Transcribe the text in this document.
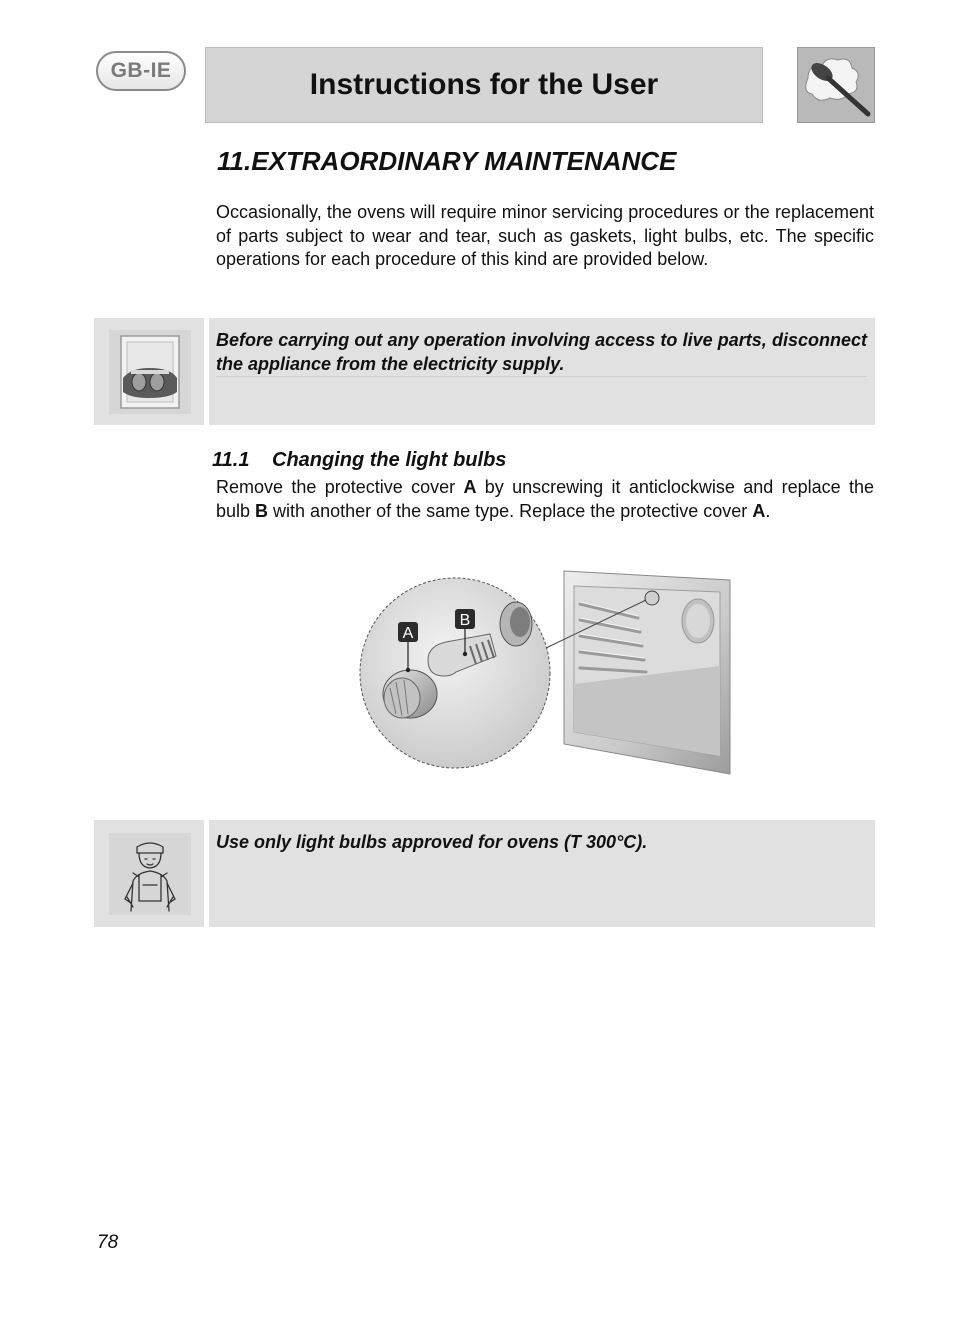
GB-IE	Instructions for the User
11.EXTRAORDINARY MAINTENANCE
Occasionally, the ovens will require minor servicing procedures or the replacement of parts subject to wear and tear, such as gaskets, light bulbs, etc. The specific operations for each procedure of this kind are provided below.
Before carrying out any operation involving access to live parts, disconnect the appliance from the electricity supply.
11.1 Changing the light bulbs
Remove the protective cover A by unscrewing it anticlockwise and replace the bulb B with another of the same type. Replace the protective cover A.
A
B
Use only light bulbs approved for ovens (T 300°C).
78
